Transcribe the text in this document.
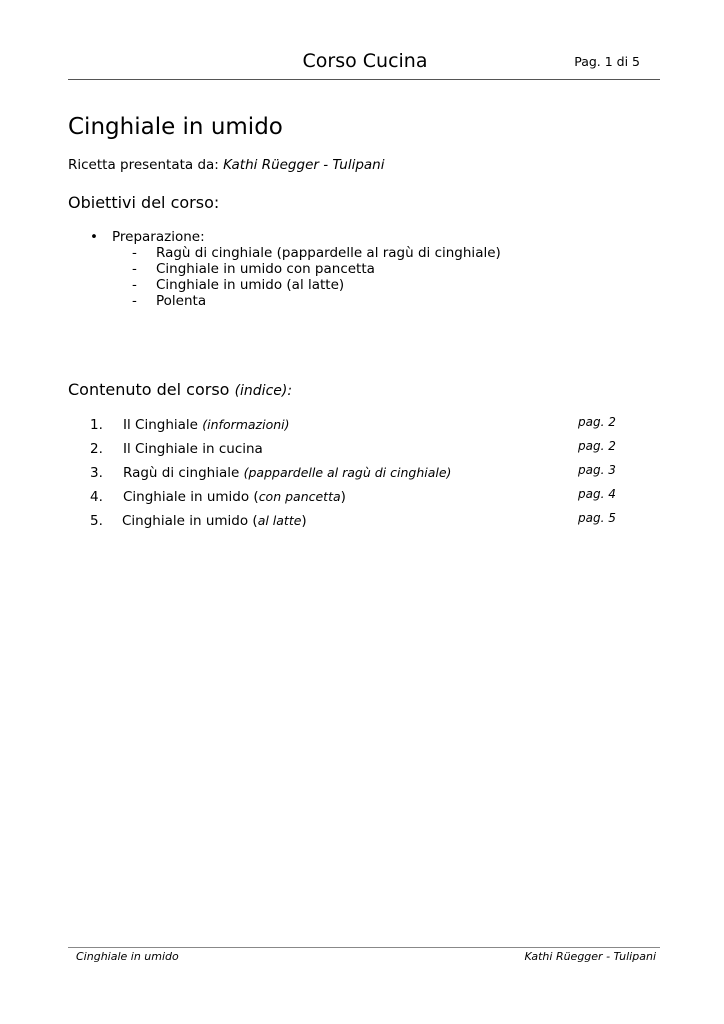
Corso Cucina	Pag. 1 di 5
Cinghiale in umido
Ricetta presentata da: Kathi Rüegger - Tulipani
Obiettivi del corso:
• Preparazione:
- Ragù di cinghiale (pappardelle al ragù di cinghiale)
- Cinghiale in umido con pancetta
- Cinghiale in umido (al latte)
- Polenta
Contenuto del corso (indice):
1.	Il Cinghiale (informazioni)	pag. 2
2.	Il Cinghiale in cucina	pag. 2
3.	Ragù di cinghiale (pappardelle al ragù di cinghiale)	pag. 3
4.	Cinghiale in umido (con pancetta)	pag. 4
5.	Cinghiale in umido (al latte)	pag. 5
Cinghiale in umido	Kathi Rüegger - Tulipani
